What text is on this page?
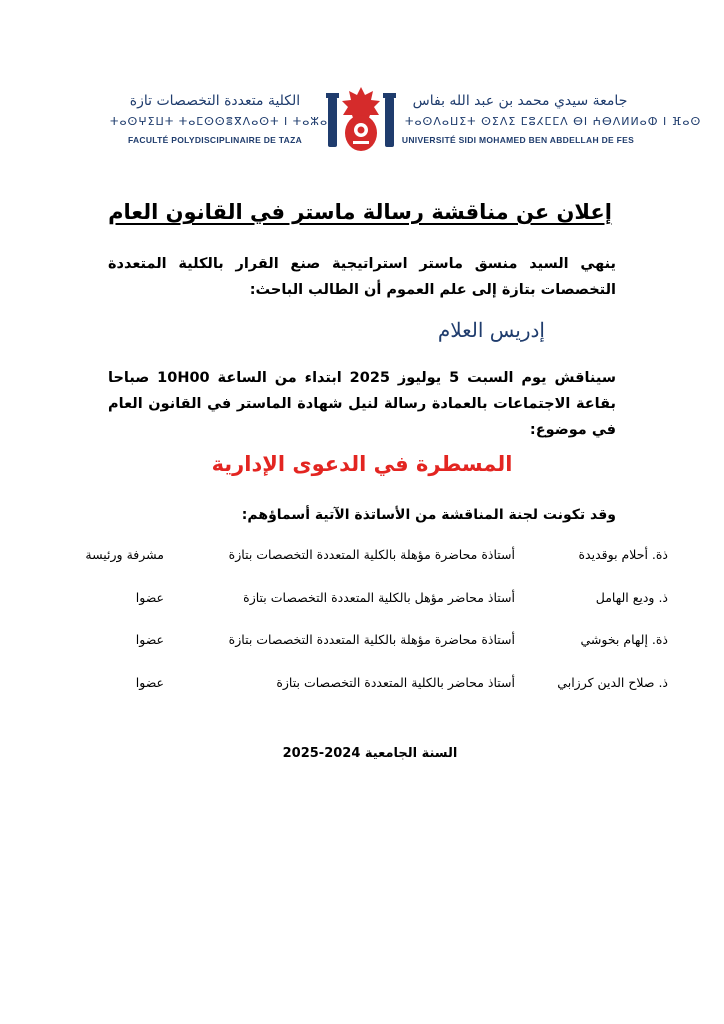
جامعة سيدي محمد بن عبد الله بفاس
ⵜⴰⵙⴷⴰⵡⵉⵜ ⵙⵉⴷⵉ ⵎⵓⵃⵎⵎⴷ ⴱⵏ ⵄⴱⴷⵍⵍⴰⵀ ⵏ ⴼⴰⵙ
UNIVERSITÉ SIDI MOHAMED BEN ABDELLAH DE FES
الكلية متعددة التخصصات تازة
ⵜⴰⵙⵖⵉⵡⵜ ⵜⴰⵎⵙⵙⴻⴳⴷⴰⵙⵜ ⵏ ⵜⴰⵣⴰ
FACULTÉ POLYDISCIPLINAIRE DE TAZA
إعلان عن مناقشة رسالة ماستر في القانون العام
ينهي السيد منسق ماستر استراتيجية صنع القرار بالكلية المتعددة التخصصات بتازة إلى علم العموم أن الطالب الباحث:
إدريس العلام
سيناقش يوم السبت 5 يوليوز 2025 ابتداء من الساعة 10H00 صباحا بقاعة الاجتماعات بالعمادة رسالة لنيل شهادة الماستر في القانون العام في موضوع:
المسطرة في الدعوى الإدارية
وقد تكونت لجنة المناقشة من الأساتذة الآتية أسماؤهم:
ذة. أحلام بوقديدة
أستاذة محاضرة مؤهلة بالكلية المتعددة التخصصات بتازة
مشرفة ورئيسة
ذ. وديع الهامل
أستاذ محاضر مؤهل بالكلية المتعددة التخصصات بتازة
عضوا
ذة. إلهام بخوشي
أستاذة محاضرة مؤهلة بالكلية المتعددة التخصصات بتازة
عضوا
ذ. صلاح الدين كرزابي
أستاذ محاضر بالكلية المتعددة التخصصات بتازة
عضوا
السنة الجامعية 2024-2025
